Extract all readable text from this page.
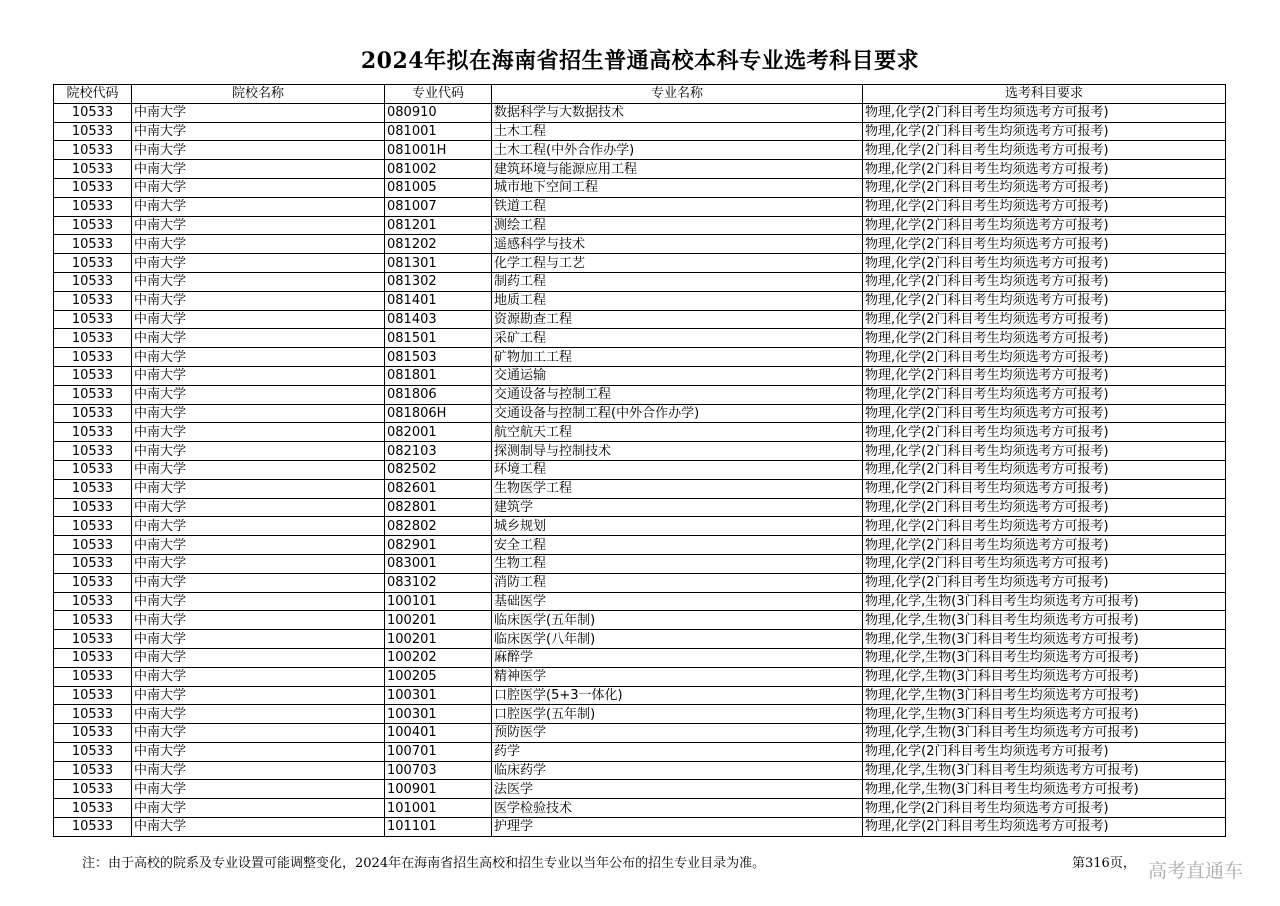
2024年拟在海南省招生普通高校本科专业选考科目要求
院校代码	院校名称	专业代码	专业名称	选考科目要求
10533	中南大学	080910	数据科学与大数据技术	物理,化学(2门科目考生均须选考方可报考)
10533	中南大学	081001	土木工程	物理,化学(2门科目考生均须选考方可报考)
10533	中南大学	081001H	土木工程(中外合作办学)	物理,化学(2门科目考生均须选考方可报考)
10533	中南大学	081002	建筑环境与能源应用工程	物理,化学(2门科目考生均须选考方可报考)
10533	中南大学	081005	城市地下空间工程	物理,化学(2门科目考生均须选考方可报考)
10533	中南大学	081007	铁道工程	物理,化学(2门科目考生均须选考方可报考)
10533	中南大学	081201	测绘工程	物理,化学(2门科目考生均须选考方可报考)
10533	中南大学	081202	遥感科学与技术	物理,化学(2门科目考生均须选考方可报考)
10533	中南大学	081301	化学工程与工艺	物理,化学(2门科目考生均须选考方可报考)
10533	中南大学	081302	制药工程	物理,化学(2门科目考生均须选考方可报考)
10533	中南大学	081401	地质工程	物理,化学(2门科目考生均须选考方可报考)
10533	中南大学	081403	资源勘查工程	物理,化学(2门科目考生均须选考方可报考)
10533	中南大学	081501	采矿工程	物理,化学(2门科目考生均须选考方可报考)
10533	中南大学	081503	矿物加工工程	物理,化学(2门科目考生均须选考方可报考)
10533	中南大学	081801	交通运输	物理,化学(2门科目考生均须选考方可报考)
10533	中南大学	081806	交通设备与控制工程	物理,化学(2门科目考生均须选考方可报考)
10533	中南大学	081806H	交通设备与控制工程(中外合作办学)	物理,化学(2门科目考生均须选考方可报考)
10533	中南大学	082001	航空航天工程	物理,化学(2门科目考生均须选考方可报考)
10533	中南大学	082103	探测制导与控制技术	物理,化学(2门科目考生均须选考方可报考)
10533	中南大学	082502	环境工程	物理,化学(2门科目考生均须选考方可报考)
10533	中南大学	082601	生物医学工程	物理,化学(2门科目考生均须选考方可报考)
10533	中南大学	082801	建筑学	物理,化学(2门科目考生均须选考方可报考)
10533	中南大学	082802	城乡规划	物理,化学(2门科目考生均须选考方可报考)
10533	中南大学	082901	安全工程	物理,化学(2门科目考生均须选考方可报考)
10533	中南大学	083001	生物工程	物理,化学(2门科目考生均须选考方可报考)
10533	中南大学	083102	消防工程	物理,化学(2门科目考生均须选考方可报考)
10533	中南大学	100101	基础医学	物理,化学,生物(3门科目考生均须选考方可报考)
10533	中南大学	100201	临床医学(五年制)	物理,化学,生物(3门科目考生均须选考方可报考)
10533	中南大学	100201	临床医学(八年制)	物理,化学,生物(3门科目考生均须选考方可报考)
10533	中南大学	100202	麻醉学	物理,化学,生物(3门科目考生均须选考方可报考)
10533	中南大学	100205	精神医学	物理,化学,生物(3门科目考生均须选考方可报考)
10533	中南大学	100301	口腔医学(5+3一体化)	物理,化学,生物(3门科目考生均须选考方可报考)
10533	中南大学	100301	口腔医学(五年制)	物理,化学,生物(3门科目考生均须选考方可报考)
10533	中南大学	100401	预防医学	物理,化学,生物(3门科目考生均须选考方可报考)
10533	中南大学	100701	药学	物理,化学(2门科目考生均须选考方可报考)
10533	中南大学	100703	临床药学	物理,化学,生物(3门科目考生均须选考方可报考)
10533	中南大学	100901	法医学	物理,化学,生物(3门科目考生均须选考方可报考)
10533	中南大学	101001	医学检验技术	物理,化学(2门科目考生均须选考方可报考)
10533	中南大学	101101	护理学	物理,化学(2门科目考生均须选考方可报考)
注：由于高校的院系及专业设置可能调整变化，2024年在海南省招生高校和招生专业以当年公布的招生专业目录为准。	第316页， 高考直通车
